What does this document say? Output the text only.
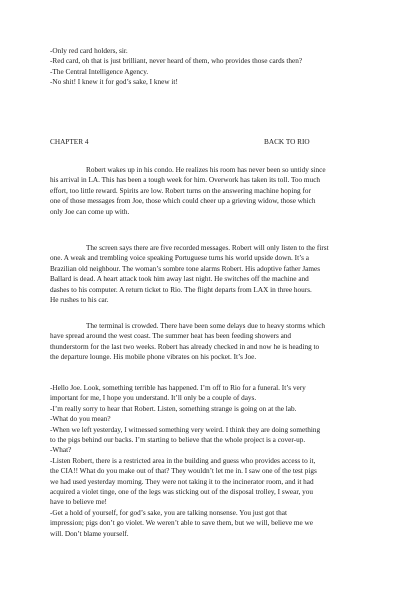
-Only red card holders, sir.

-Red card, oh that is just brilliant, never heard of them, who provides those cards then?

-The Central Intelligence Agency.

-No shit! I knew it for god’s sake, I knew it!

CHAPTER 4	BACK TO RIO

Robert wakes up in his condo. He realizes his room has never been so untidy since

his arrival in LA. This has been a tough week for him. Overwork has taken its toll. Too much

effort, too little reward. Spirits are low. Robert turns on the answering machine hoping for

one of those messages from Joe, those which could cheer up a grieving widow, those which

only Joe can come up with.

The screen says there are five recorded messages. Robert will only listen to the first

one. A weak and trembling voice speaking Portuguese turns his world upside down. It’s a

Brazilian old neighbour. The woman’s sombre tone alarms Robert. His adoptive father James

Ballard is dead. A heart attack took him away last night. He switches off the machine and

dashes to his computer. A return ticket to Rio. The flight departs from LAX in three hours.

He rushes to his car.

The terminal is crowded. There have been some delays due to heavy storms which

have spread around the west coast. The summer heat has been feeding showers and

thunderstorm for the last two weeks. Robert has already checked in and now he is heading to

the departure lounge. His mobile phone vibrates on his pocket. It’s Joe.

-Hello Joe. Look, something terrible has happened. I’m off to Rio for a funeral. It’s very

important for me, I hope you understand. It’ll only be a couple of days.

-I’m really sorry to hear that Robert. Listen, something strange is going on at the lab.

-What do you mean?

-When we left yesterday, I witnessed something very weird. I think they are doing something

to the pigs behind our backs. I’m starting to believe that the whole project is a cover-up.

-What?

-Listen Robert, there is a restricted area in the building and guess who provides access to it,

the CIA!! What do you make out of that? They wouldn’t let me in. I saw one of the test pigs

we had used yesterday morning. They were not taking it to the incinerator room, and it had

acquired a violet tinge, one of the legs was sticking out of the disposal trolley, I swear, you

have to believe me!

-Get a hold of yourself, for god’s sake, you are talking nonsense. You just got that

impression; pigs don’t go violet. We weren’t able to save them, but we will, believe me we

will. Don’t blame yourself.
